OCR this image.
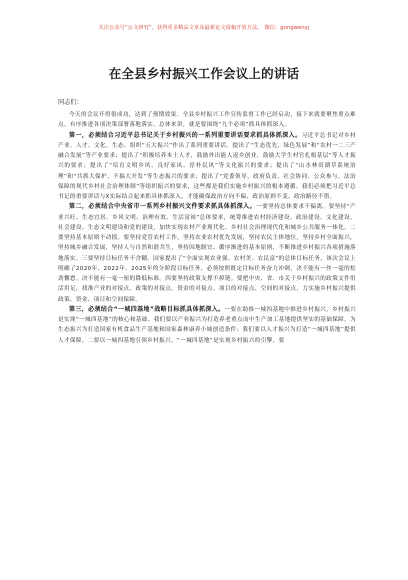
关注公众号“公文研究”，获得更多精品文章及最新论文投稿开放方法。 微信：gongwenyj
在全县乡村振兴工作会议上的讲话
同志们：

今天的会议开得很成功，达到了预期效果。全县乡村振兴工作宣传监督工作已经启动，接下来就要聚焦重点难点、有序推进各项决策部署落地落实。总体来讲，就是要围绕“九个必须”抓具体抓深入。

第一，必须结合习近平总书记关于乡村振兴的一系列重要讲话要求抓具体抓深入。习近平总书记对乡村产业、人才、文化、生态、组织“五大振兴”作出了系列重要讲话，提出了“生态优先，绿色发展”和“农村一二三产融合发展”等产业要求；提出了“积极培养本土人才，鼓励外出能人返乡创业，鼓励大学生村官扎根基层”等人才振兴的要求；提出了“培育文明乡风、良好家风、淳朴民风”等文化振兴的要求；提出了“山水林田湖草系统治理”和“共抓大保护、不搞大开发”等生态振兴的要求；提出了“党委领导、政府负责、社会协同、公众参与、法治保障的现代乡村社会治理体制”等组织振兴的要求，这些都是我们实施乡村振兴的根本遵循。我们必须把习近平总书记的重要讲话与X实际结合起来抓具体抓深入，才能确保政治方向不偏、政治原则不变、政治路径不错。

第二，必须结合中央省市一系列乡村振兴文件要求抓具体抓深入。一要坚持总体要求不偏离。要坚持“产业兴旺、生态宜居、乡风文明、治理有效、生活富裕”总体要求，统筹推进农村经济建设、政治建设、文化建设、社会建设、生态文明建设和党的建设，加快实现农村产业现代化、乡村社会治理现代化和城乡公共服务一体化。二要坚持基本原则不动摇。要坚持党管农村工作，坚持农业农村优先发展，坚持农民主体地位，坚持乡村全面振兴，坚持城乡融合发展，坚持人与自然和谐共生，坚持因地制宜、循序渐进的基本原则，不断推进乡村振兴各项措施落地落实。三要坚持目标任务不含糊。国家提出了“全面实现农业强、农村美、农民富”的总体目标任务，该次会议上明确了2020年、2022年、2025年的分阶段目标任务，必须按照既定目标任务奋力冲刺，决不能有一丝一毫的松劲懈怠。决不能有一毫一厘的降低标准。四要坚持政策支撑不掉链。要把中央、省、市关于乡村振兴的政策文件用活用足，找准产业的对接点、政策的对接点、资金的对接点、项目的对接点、空间的对接点，力实施乡村振兴提供政策、资金、项目和空间保障。

第三，必须结合“一城四基地”战略目标抓具体抓深入。一要在助推一城四基地中推进乡村振兴，乡村振兴是实现“一城四基地”的核心和基础。我们要以产业振兴为打造养老重点而中生产加工基地提供坚实的基础保障，为生态振兴为打造国家有机食品生产基地和国家森林康养小城创造条件；我们要以人才振兴为打造“一城四基地”提供人才保障。二要以一城四基地引领乡村振兴。“一城四基地”是实现乡村振兴的引擎，要
